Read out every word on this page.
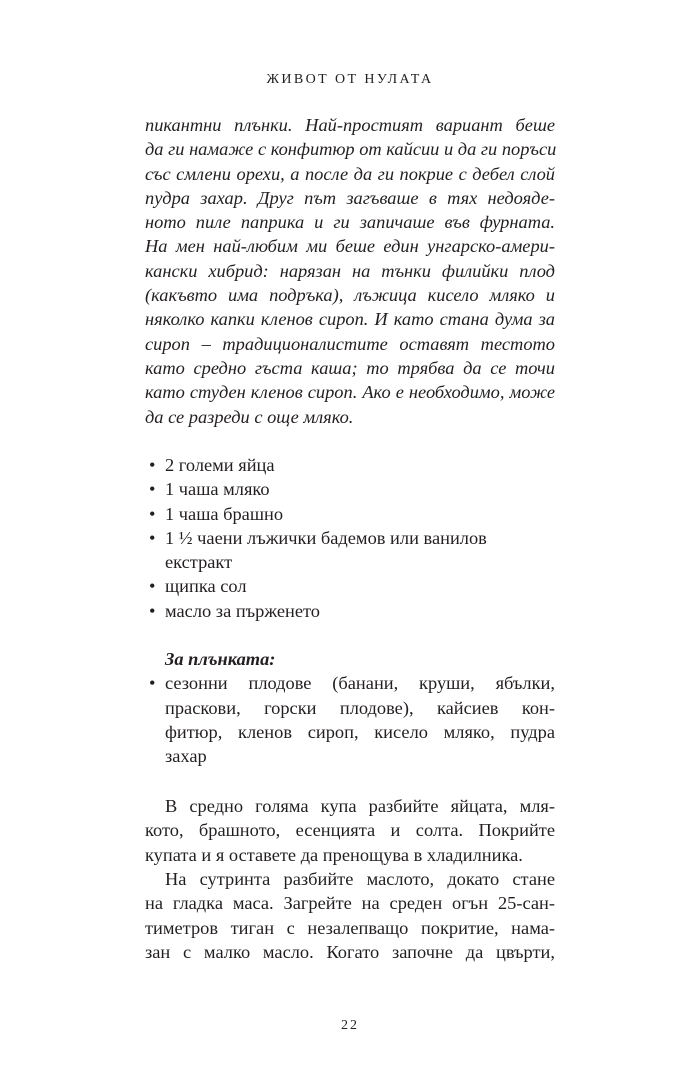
ЖИВОТ ОТ НУЛАТА
пикантни плънки. Най-простият вариант беше
да ги намаже с конфитюр от кайсии и да ги поръси
със смлени орехи, а после да ги покрие с дебел слой
пудра захар. Друг път загъваше в тях недояде-
ното пиле паприка и ги запичаше във фурната.
На мен най-любим ми беше един унгарско-амери-
кански хибрид: нарязан на тънки филийки плод
(какъвто има подръка), лъжица кисело мляко и
няколко капки кленов сироп. И като стана дума за
сироп – традиционалистите оставят тестото
като средно гъста каша; то трябва да се точи
като студен кленов сироп. Ако е необходимо, може
да се разреди с още мляко.
• 2 големи яйца
• 1 чаша мляко
• 1 чаша брашно
• 1 ½ чаени лъжички бадемов или ванилов
екстракт
• щипка сол
• масло за пърженето
За плънката:
• сезонни плодове (банани, круши, ябълки,
праскови, горски плодове), кайсиев кон-
фитюр, кленов сироп, кисело мляко, пудра
захар
В средно голяма купа разбийте яйцата, мля-
кото, брашното, есенцията и солта. Покрийте
купата и я оставете да пренощува в хладилника.
На сутринта разбийте маслото, докато стане
на гладка маса. Загрейте на среден огън 25-сан-
тиметров тиган с незалепващо покритие, нама-
зан с малко масло. Когато започне да цвърти,
22
